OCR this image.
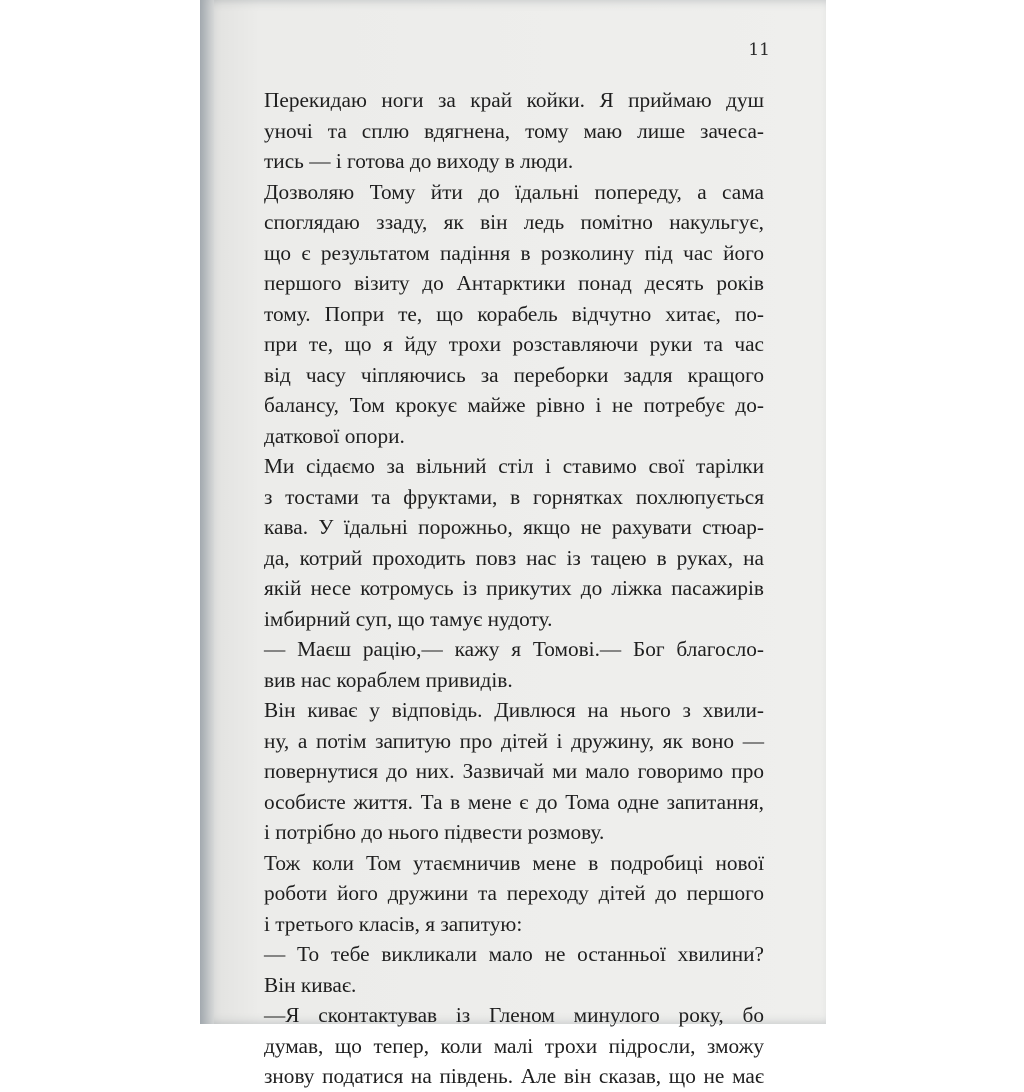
11
Перекидаю ноги за край койки. Я приймаю душ
уночі та сплю вдягнена, тому маю лише зачеса-
тись — і готова до виходу в люди.
Дозволяю Тому йти до їдальні попереду, а сама
споглядаю ззаду, як він ледь помітно накульгує,
що є результатом падіння в розколину під час його
першого візиту до Антарктики понад десять років
тому. Попри те, що корабель відчутно хитає, по-
при те, що я йду трохи розставляючи руки та час
від часу чіпляючись за переборки задля кращого
балансу, Том крокує майже рівно і не потребує до-
даткової опори.
Ми сідаємо за вільний стіл і ставимо свої тарілки
з тостами та фруктами, в горнятках похлюпується
кава. У їдальні порожньо, якщо не рахувати стюар-
да, котрий проходить повз нас із тацею в руках, на
якій несе котромусь із прикутих до ліжка пасажирів
імбирний суп, що тамує нудоту.
— Маєш рацію,— кажу я Томові.— Бог благосло-
вив нас кораблем привидів.
Він киває у відповідь. Дивлюся на нього з хвили-
ну, а потім запитую про дітей і дружину, як воно —
повернутися до них. Зазвичай ми мало говоримо про
особисте життя. Та в мене є до Тома одне запитання,
і потрібно до нього підвести розмову.
Тож коли Том утаємничив мене в подробиці нової
роботи його дружини та переходу дітей до першого
і третього класів, я запитую:
— То тебе викликали мало не останньої хвилини?
Він киває.
—Я сконтактував із Гленом минулого року, бо
думав, що тепер, коли малі трохи підросли, зможу
знову податися на південь. Але він сказав, що не має
